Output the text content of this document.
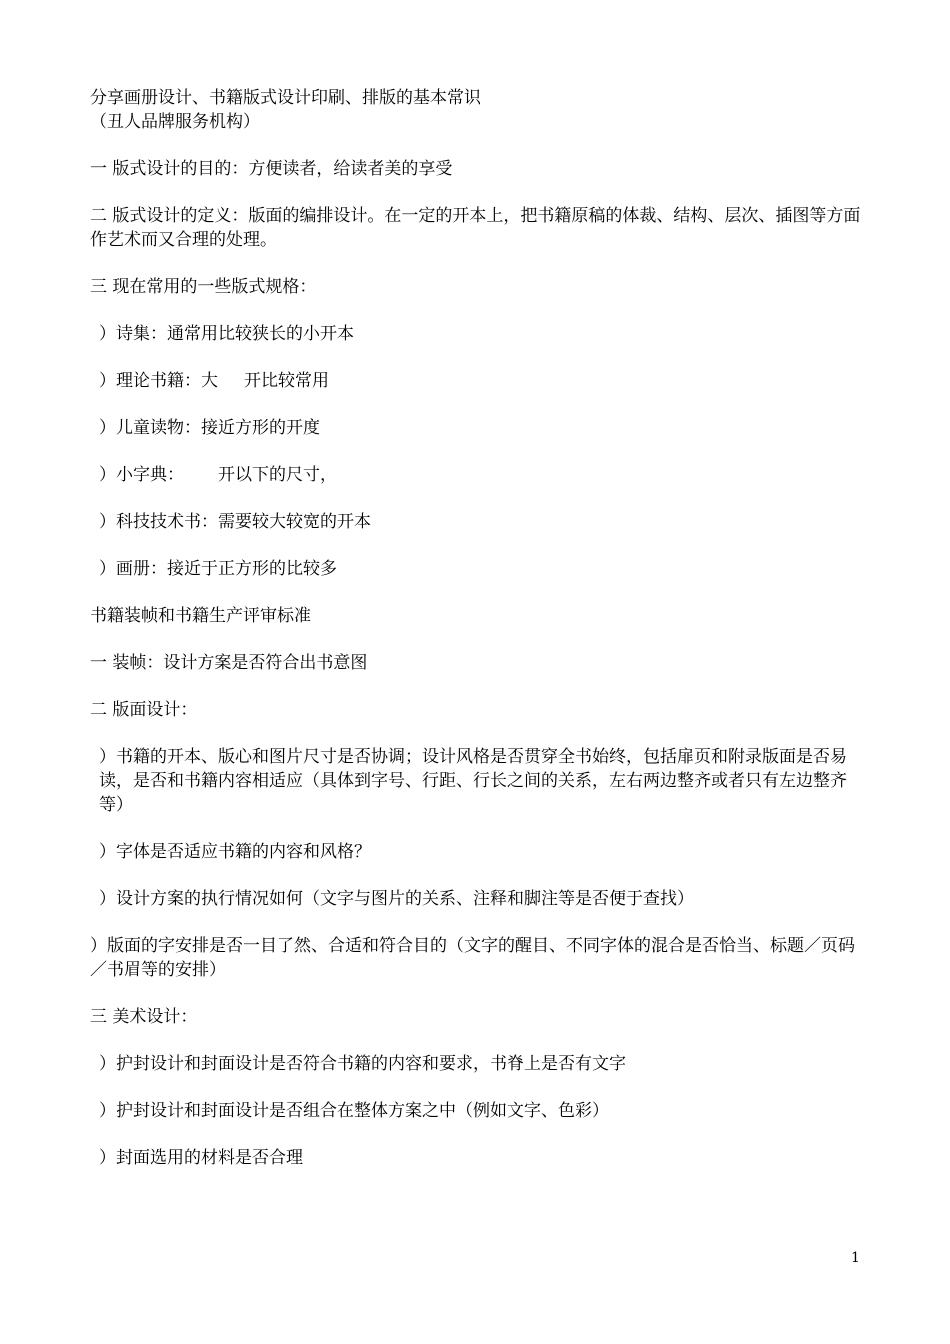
分享画册设计、书籍版式设计印刷、排版的基本常识
（丑人品牌服务机构）

一 版式设计的目的：方便读者，给读者美的享受

二 版式设计的定义：版面的编排设计。在一定的开本上，把书籍原稿的体裁、结构、层次、插图等方面作艺术而又合理的处理。

三 现在常用的一些版式规格：

）诗集：通常用比较狭长的小开本

）理论书籍：大 开比较常用

）儿童读物：接近方形的开度

）小字典： 开以下的尺寸，

）科技技术书：需要较大较宽的开本

）画册：接近于正方形的比较多

书籍装帧和书籍生产评审标准

一 装帧：设计方案是否符合出书意图

二 版面设计：

）书籍的开本、版心和图片尺寸是否协调；设计风格是否贯穿全书始终，包括扉页和附录版面是否易读，是否和书籍内容相适应（具体到字号、行距、行长之间的关系，左右两边整齐或者只有左边整齐等）

）字体是否适应书籍的内容和风格？

）设计方案的执行情况如何（文字与图片的关系、注释和脚注等是否便于查找）

）版面的字安排是否一目了然、合适和符合目的（文字的醒目、不同字体的混合是否恰当、标题／页码／书眉等的安排）

三 美术设计：

）护封设计和封面设计是否符合书籍的内容和要求，书脊上是否有文字

）护封设计和封面设计是否组合在整体方案之中（例如文字、色彩）

）封面选用的材料是否合理

1
